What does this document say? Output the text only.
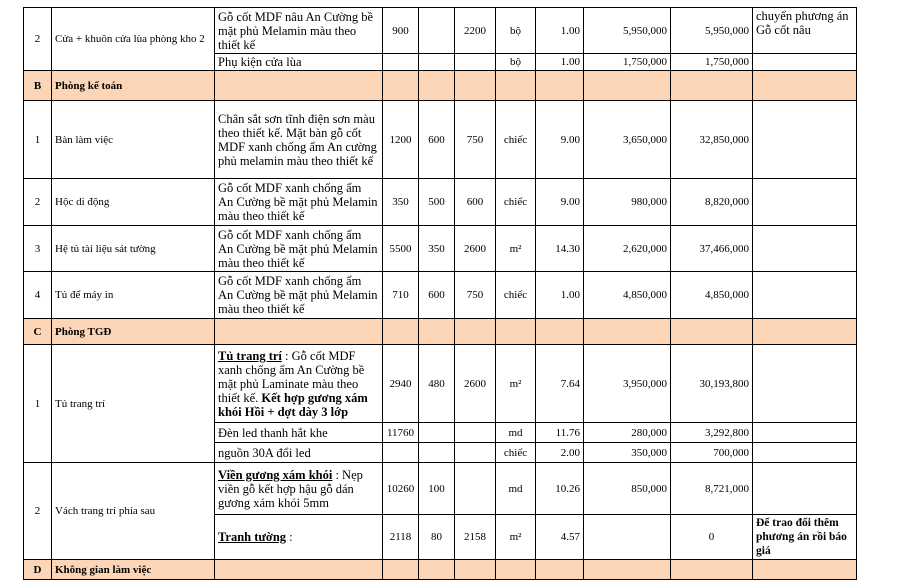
2	Cửa + khuôn cửa lùa phòng kho 2	Gỗ cốt MDF nâu An Cường bề mặt phủ Melamin màu theo thiết kế	900		2200	bộ	1.00	5,950,000	5,950,000	chuyển phương án Gỗ cốt nâu
		Phụ kiện cửa lùa				bộ	1.00	1,750,000	1,750,000	
B	Phòng kế toán									
1	Bàn làm việc	Chân sắt sơn tĩnh điện sơn màu theo thiết kế. Mặt bàn gỗ cốt MDF xanh chống ẩm An cường phủ melamin màu theo thiết kế	1200	600	750	chiếc	9.00	3,650,000	32,850,000	
2	Hộc di động	Gỗ cốt MDF xanh chống ẩm An Cường bề mặt phủ Melamin màu theo thiết kế	350	500	600	chiếc	9.00	980,000	8,820,000	
3	Hệ tủ tài liệu sát tường	Gỗ cốt MDF xanh chống ẩm An Cường bề mặt phủ Melamin màu theo thiết kế	5500	350	2600	m²	14.30	2,620,000	37,466,000	
4	Tủ để máy in	Gỗ cốt MDF xanh chống ẩm An Cường bề mặt phủ Melamin màu theo thiết kế	710	600	750	chiếc	1.00	4,850,000	4,850,000	
C	Phòng TGĐ									
1	Tủ trang trí	Tủ trang trí : Gỗ cốt MDF xanh chống ẩm An Cường bề mặt phủ Laminate màu theo thiết kế. Kết hợp gương xám khói Hồi + dợt dày 3 lớp	2940	480	2600	m²	7.64	3,950,000	30,193,800	
		Đèn led thanh hắt khe	11760			md	11.76	280,000	3,292,800	
		nguồn 30A đổi led				chiếc	2.00	350,000	700,000	
2	Vách trang trí phía sau	Viền gương xám khói : Nẹp viền gỗ kết hợp hậu gỗ dán gương xám khói 5mm	10260	100		md	10.26	850,000	8,721,000	
		Tranh tường :	2118	80	2158	m²	4.57		0	Để trao đổi thêm phương án rồi báo giá
D	Không gian làm việc									
